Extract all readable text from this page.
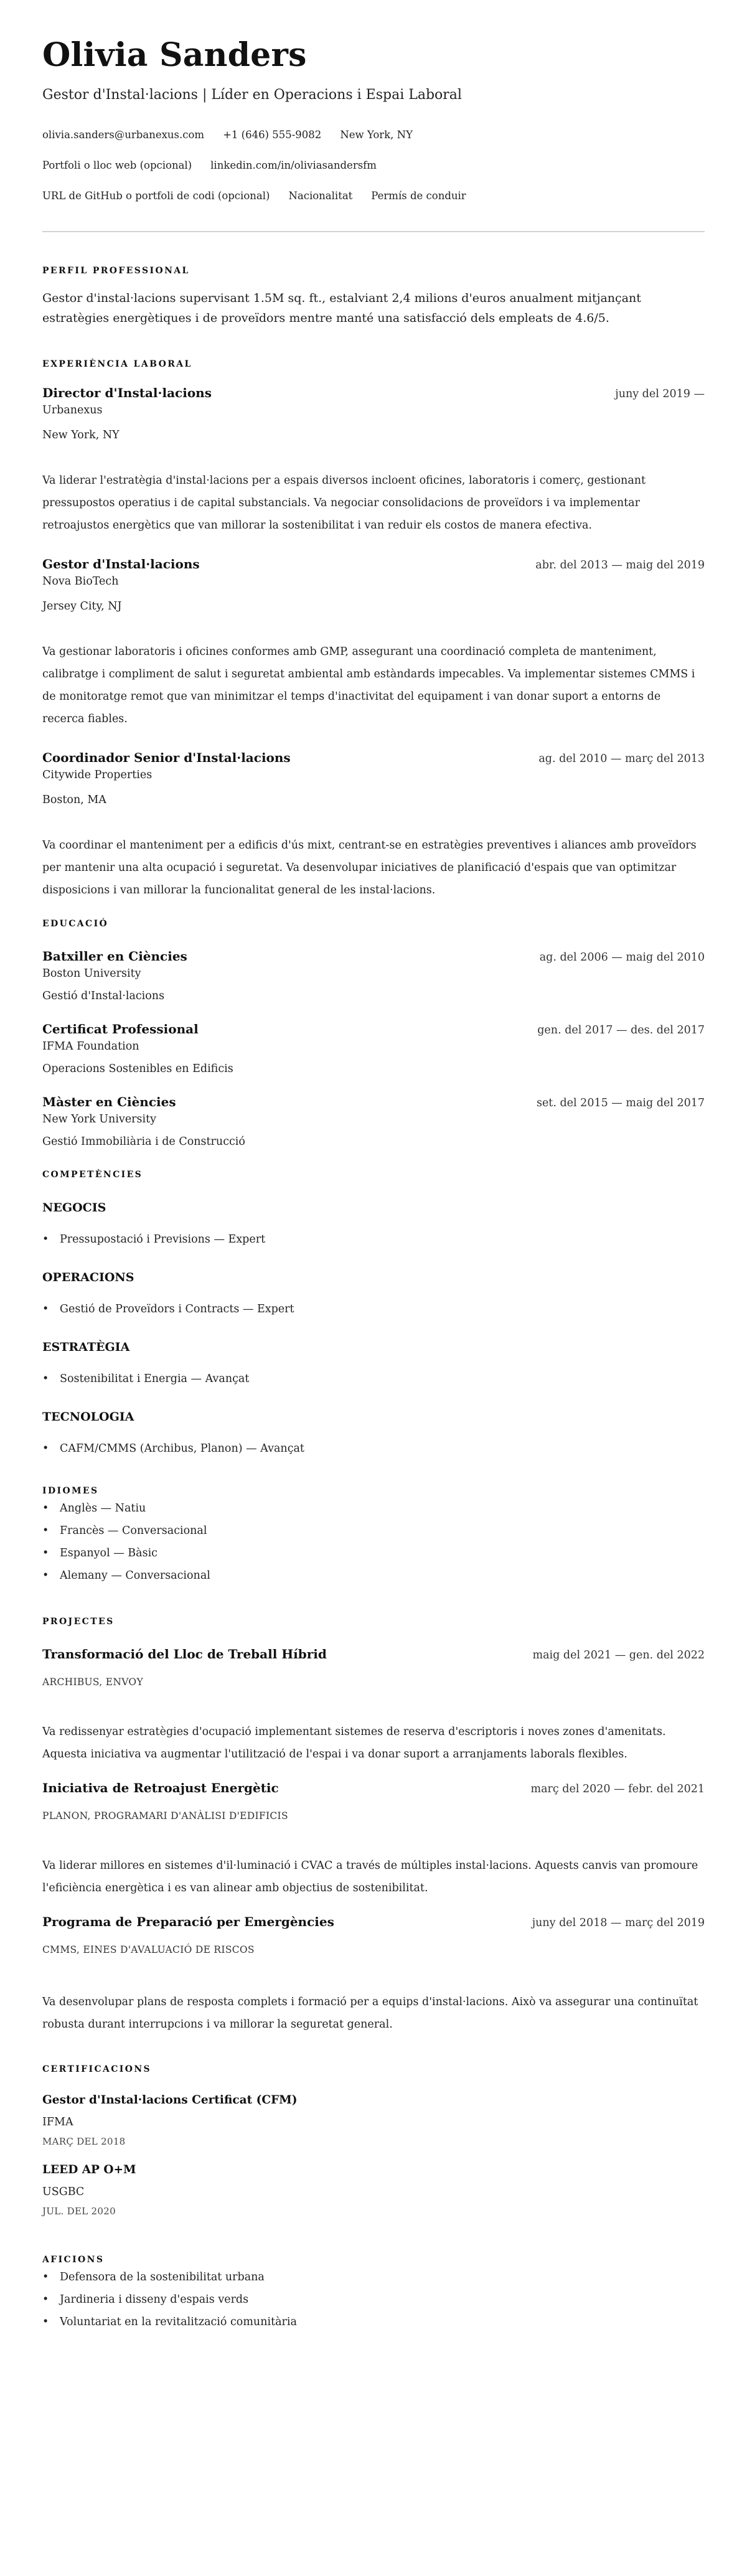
Olivia Sanders
Gestor d'Instal·lacions | Líder en Operacions i Espai Laboral
olivia.sanders@urbanexus.com +1 (646) 555-9082 New York, NY
Portfoli o lloc web (opcional) linkedin.com/in/oliviasandersfm
URL de GitHub o portfoli de codi (opcional) Nacionalitat Permís de conduir
PERFIL PROFESSIONAL

Gestor d'instal·lacions supervisant 1.5M sq. ft., estalviant 2,4 milions d'euros anualment mitjançant estratègies energètiques i de proveïdors mentre manté una satisfacció dels empleats de 4.6/5.

EXPERIÈNCIA LABORAL
Director d'Instal·lacions	juny del 2019 —
Urbanexus
New York, NY

Va liderar l'estratègia d'instal·lacions per a espais diversos incloent oficines, laboratoris i comerç, gestionant pressupostos operatius i de capital substancials. Va negociar consolidacions de proveïdors i va implementar retroajustos energètics que van millorar la sostenibilitat i van reduir els costos de manera efectiva.

Gestor d'Instal·lacions	abr. del 2013 — maig del 2019
Nova BioTech
Jersey City, NJ

Va gestionar laboratoris i oficines conformes amb GMP, assegurant una coordinació completa de manteniment, calibratge i compliment de salut i seguretat ambiental amb estàndards impecables. Va implementar sistemes CMMS i de monitoratge remot que van minimitzar el temps d'inactivitat del equipament i van donar suport a entorns de recerca fiables.

Coordinador Senior d'Instal·lacions	ag. del 2010 — març del 2013
Citywide Properties
Boston, MA

Va coordinar el manteniment per a edificis d'ús mixt, centrant-se en estratègies preventives i aliances amb proveïdors per mantenir una alta ocupació i seguretat. Va desenvolupar iniciatives de planificació d'espais que van optimitzar disposicions i van millorar la funcionalitat general de les instal·lacions.

EDUCACIÓ
Batxiller en Ciències	ag. del 2006 — maig del 2010
Boston University
Gestió d'Instal·lacions
Certificat Professional	gen. del 2017 — des. del 2017
IFMA Foundation
Operacions Sostenibles en Edificis
Màster en Ciències	set. del 2015 — maig del 2017
New York University
Gestió Immobiliària i de Construcció
COMPETÈNCIES
NEGOCIS
• Pressupostació i Previsions — Expert
OPERACIONS
• Gestió de Proveïdors i Contracts — Expert
ESTRATÈGIA
• Sostenibilitat i Energia — Avançat
TECNOLOGIA
• CAFM/CMMS (Archibus, Planon) — Avançat
IDIOMES
• Anglès — Natiu
• Francès — Conversacional
• Espanyol — Bàsic
• Alemany — Conversacional
PROJECTES
Transformació del Lloc de Treball Híbrid	maig del 2021 — gen. del 2022
ARCHIBUS, ENVOY

Va redissenyar estratègies d'ocupació implementant sistemes de reserva d'escriptoris i noves zones d'amenitats. Aquesta iniciativa va augmentar l'utilització de l'espai i va donar suport a arranjaments laborals flexibles.

Iniciativa de Retroajust Energètic	març del 2020 — febr. del 2021
PLANON, PROGRAMARI D'ANÀLISI D'EDIFICIS

Va liderar millores en sistemes d'il·luminació i CVAC a través de múltiples instal·lacions. Aquests canvis van promoure l'eficiència energètica i es van alinear amb objectius de sostenibilitat.

Programa de Preparació per Emergències	juny del 2018 — març del 2019
CMMS, EINES D'AVALUACIÓ DE RISCOS

Va desenvolupar plans de resposta complets i formació per a equips d'instal·lacions. Això va assegurar una continuïtat robusta durant interrupcions i va millorar la seguretat general.

CERTIFICACIONS
Gestor d'Instal·lacions Certificat (CFM)
IFMA
MARÇ DEL 2018
LEED AP O+M
USGBC
JUL. DEL 2020
AFICIONS
• Defensora de la sostenibilitat urbana
• Jardineria i disseny d'espais verds
• Voluntariat en la revitalització comunitària
